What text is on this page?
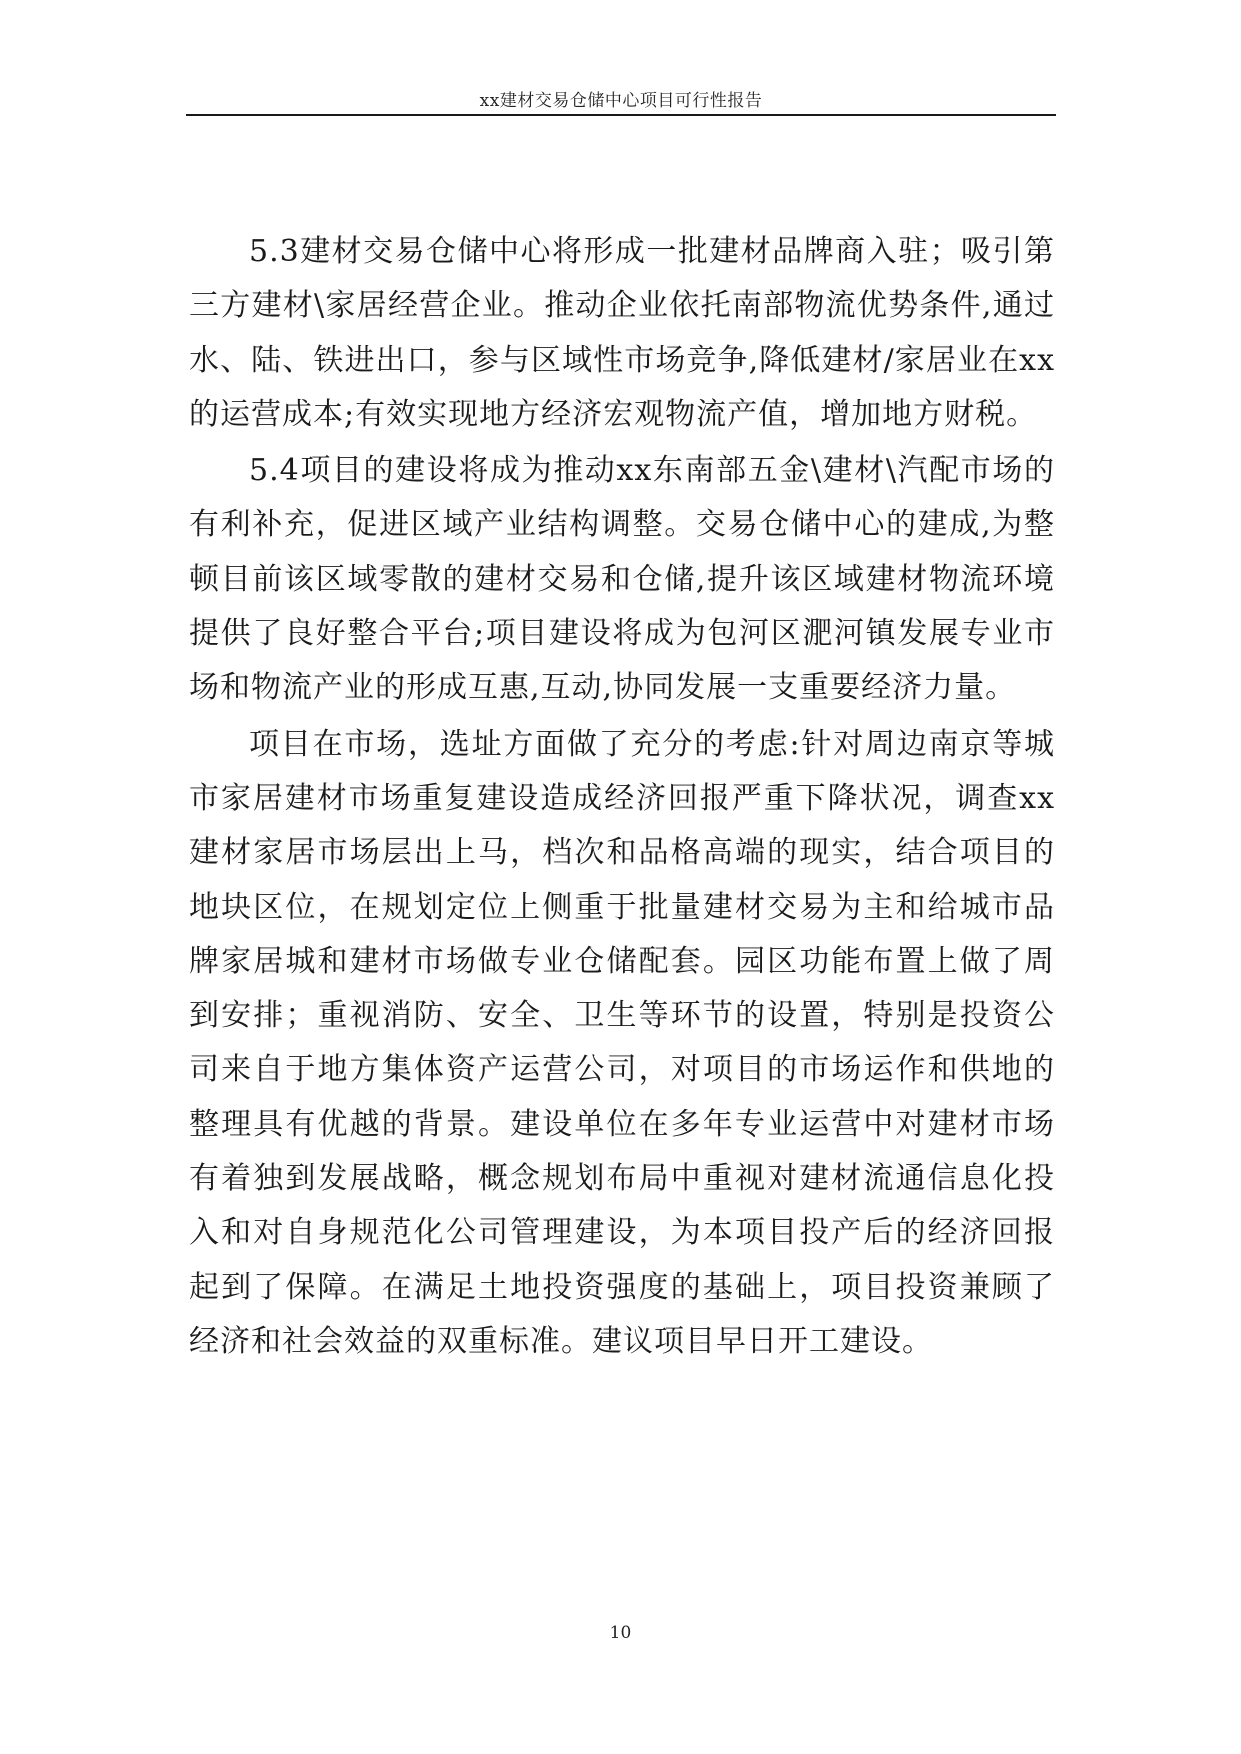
xx建材交易仓储中心项目可行性报告

5.3建材交易仓储中心将形成一批建材品牌商入驻；吸引第三方建材\家居经营企业。推动企业依托南部物流优势条件,通过水、陆、铁进出口，参与区域性市场竞争,降低建材/家居业在xx的运营成本;有效实现地方经济宏观物流产值，增加地方财税。

5.4项目的建设将成为推动xx东南部五金\建材\汽配市场的有利补充，促进区域产业结构调整。交易仓储中心的建成,为整顿目前该区域零散的建材交易和仓储,提升该区域建材物流环境提供了良好整合平台;项目建设将成为包河区淝河镇发展专业市场和物流产业的形成互惠,互动,协同发展一支重要经济力量。

项目在市场，选址方面做了充分的考虑:针对周边南京等城市家居建材市场重复建设造成经济回报严重下降状况，调查xx建材家居市场层出上马，档次和品格高端的现实，结合项目的地块区位，在规划定位上侧重于批量建材交易为主和给城市品牌家居城和建材市场做专业仓储配套。园区功能布置上做了周到安排；重视消防、安全、卫生等环节的设置，特别是投资公司来自于地方集体资产运营公司，对项目的市场运作和供地的整理具有优越的背景。建设单位在多年专业运营中对建材市场有着独到发展战略，概念规划布局中重视对建材流通信息化投入和对自身规范化公司管理建设，为本项目投产后的经济回报起到了保障。在满足土地投资强度的基础上，项目投资兼顾了经济和社会效益的双重标准。建议项目早日开工建设。

10
